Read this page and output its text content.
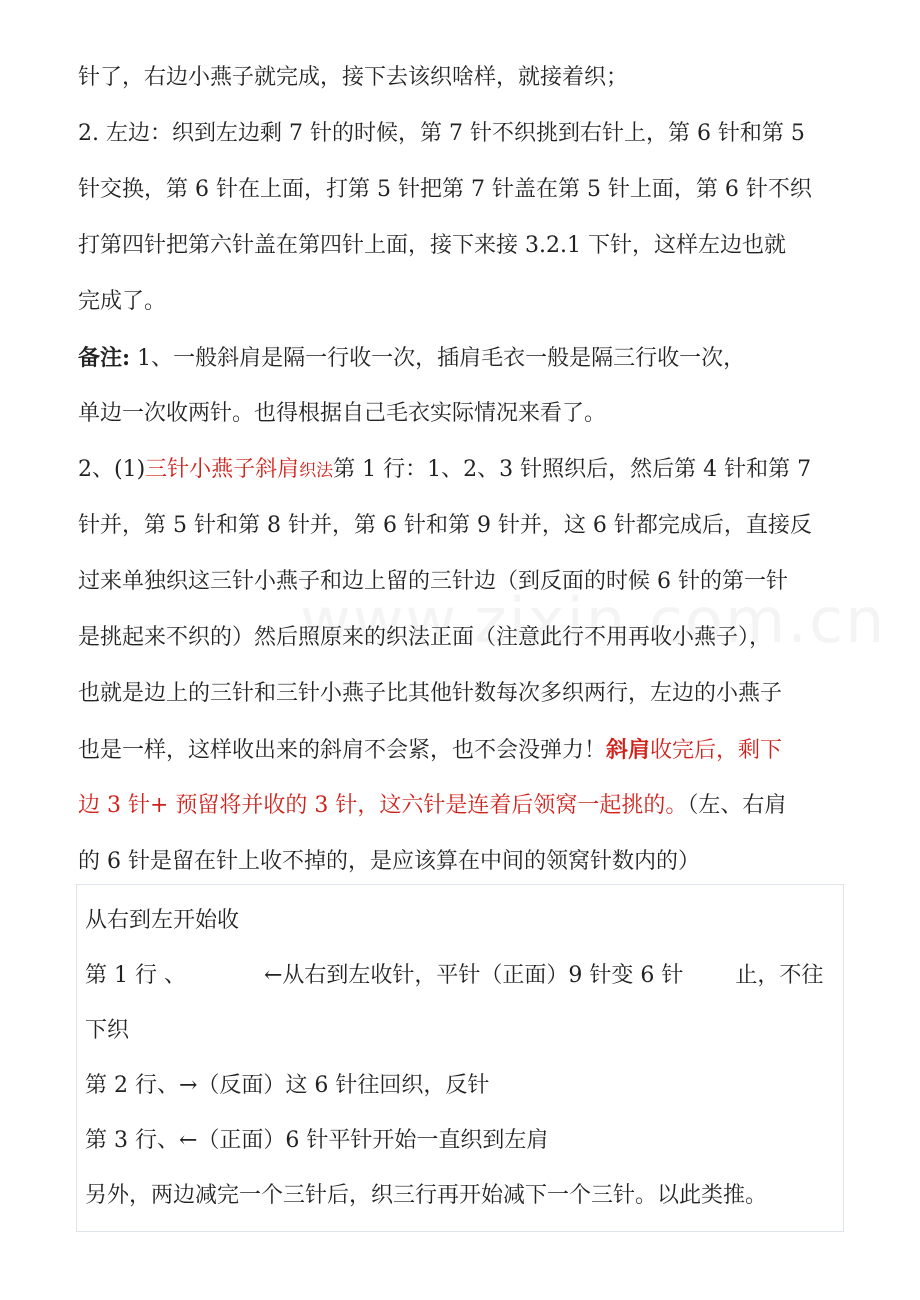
针了，右边小燕子就完成，接下去该织啥样，就接着织；
2. 左边：织到左边剩 7 针的时候，第 7 针不织挑到右针上，第 6 针和第 5
针交换，第 6 针在上面，打第 5 针把第 7 针盖在第 5 针上面，第 6 针不织
打第四针把第六针盖在第四针上面，接下来接 3.2.1 下针，这样左边也就
完成了。
备注: 1、一般斜肩是隔一行收一次，插肩毛衣一般是隔三行收一次，
单边一次收两针。也得根据自己毛衣实际情况来看了。
2、(1)三针小燕子斜肩织法第 1 行：1、2、3 针照织后，然后第 4 针和第 7
针并，第 5 针和第 8 针并，第 6 针和第 9 针并，这 6 针都完成后，直接反
过来单独织这三针小燕子和边上留的三针边（到反面的时候 6 针的第一针
是挑起来不织的）然后照原来的织法正面（注意此行不用再收小燕子），
也就是边上的三针和三针小燕子比其他针数每次多织两行，左边的小燕子
也是一样，这样收出来的斜肩不会紧，也不会没弹力！斜肩收完后，剩下
边 3 针+ 预留将并收的 3 针，这六针是连着后领窝一起挑的。（左、右肩
的 6 针是留在针上收不掉的，是应该算在中间的领窝针数内的）
从右到左开始收
第 1 行 、	←从右到左收针，平针（正面）9 针变 6 针 止，不往
下织
第 2 行、→（反面）这 6 针往回织，反针
第 3 行、←（正面）6 针平针开始一直织到左肩
另外，两边减完一个三针后，织三行再开始减下一个三针。以此类推。
